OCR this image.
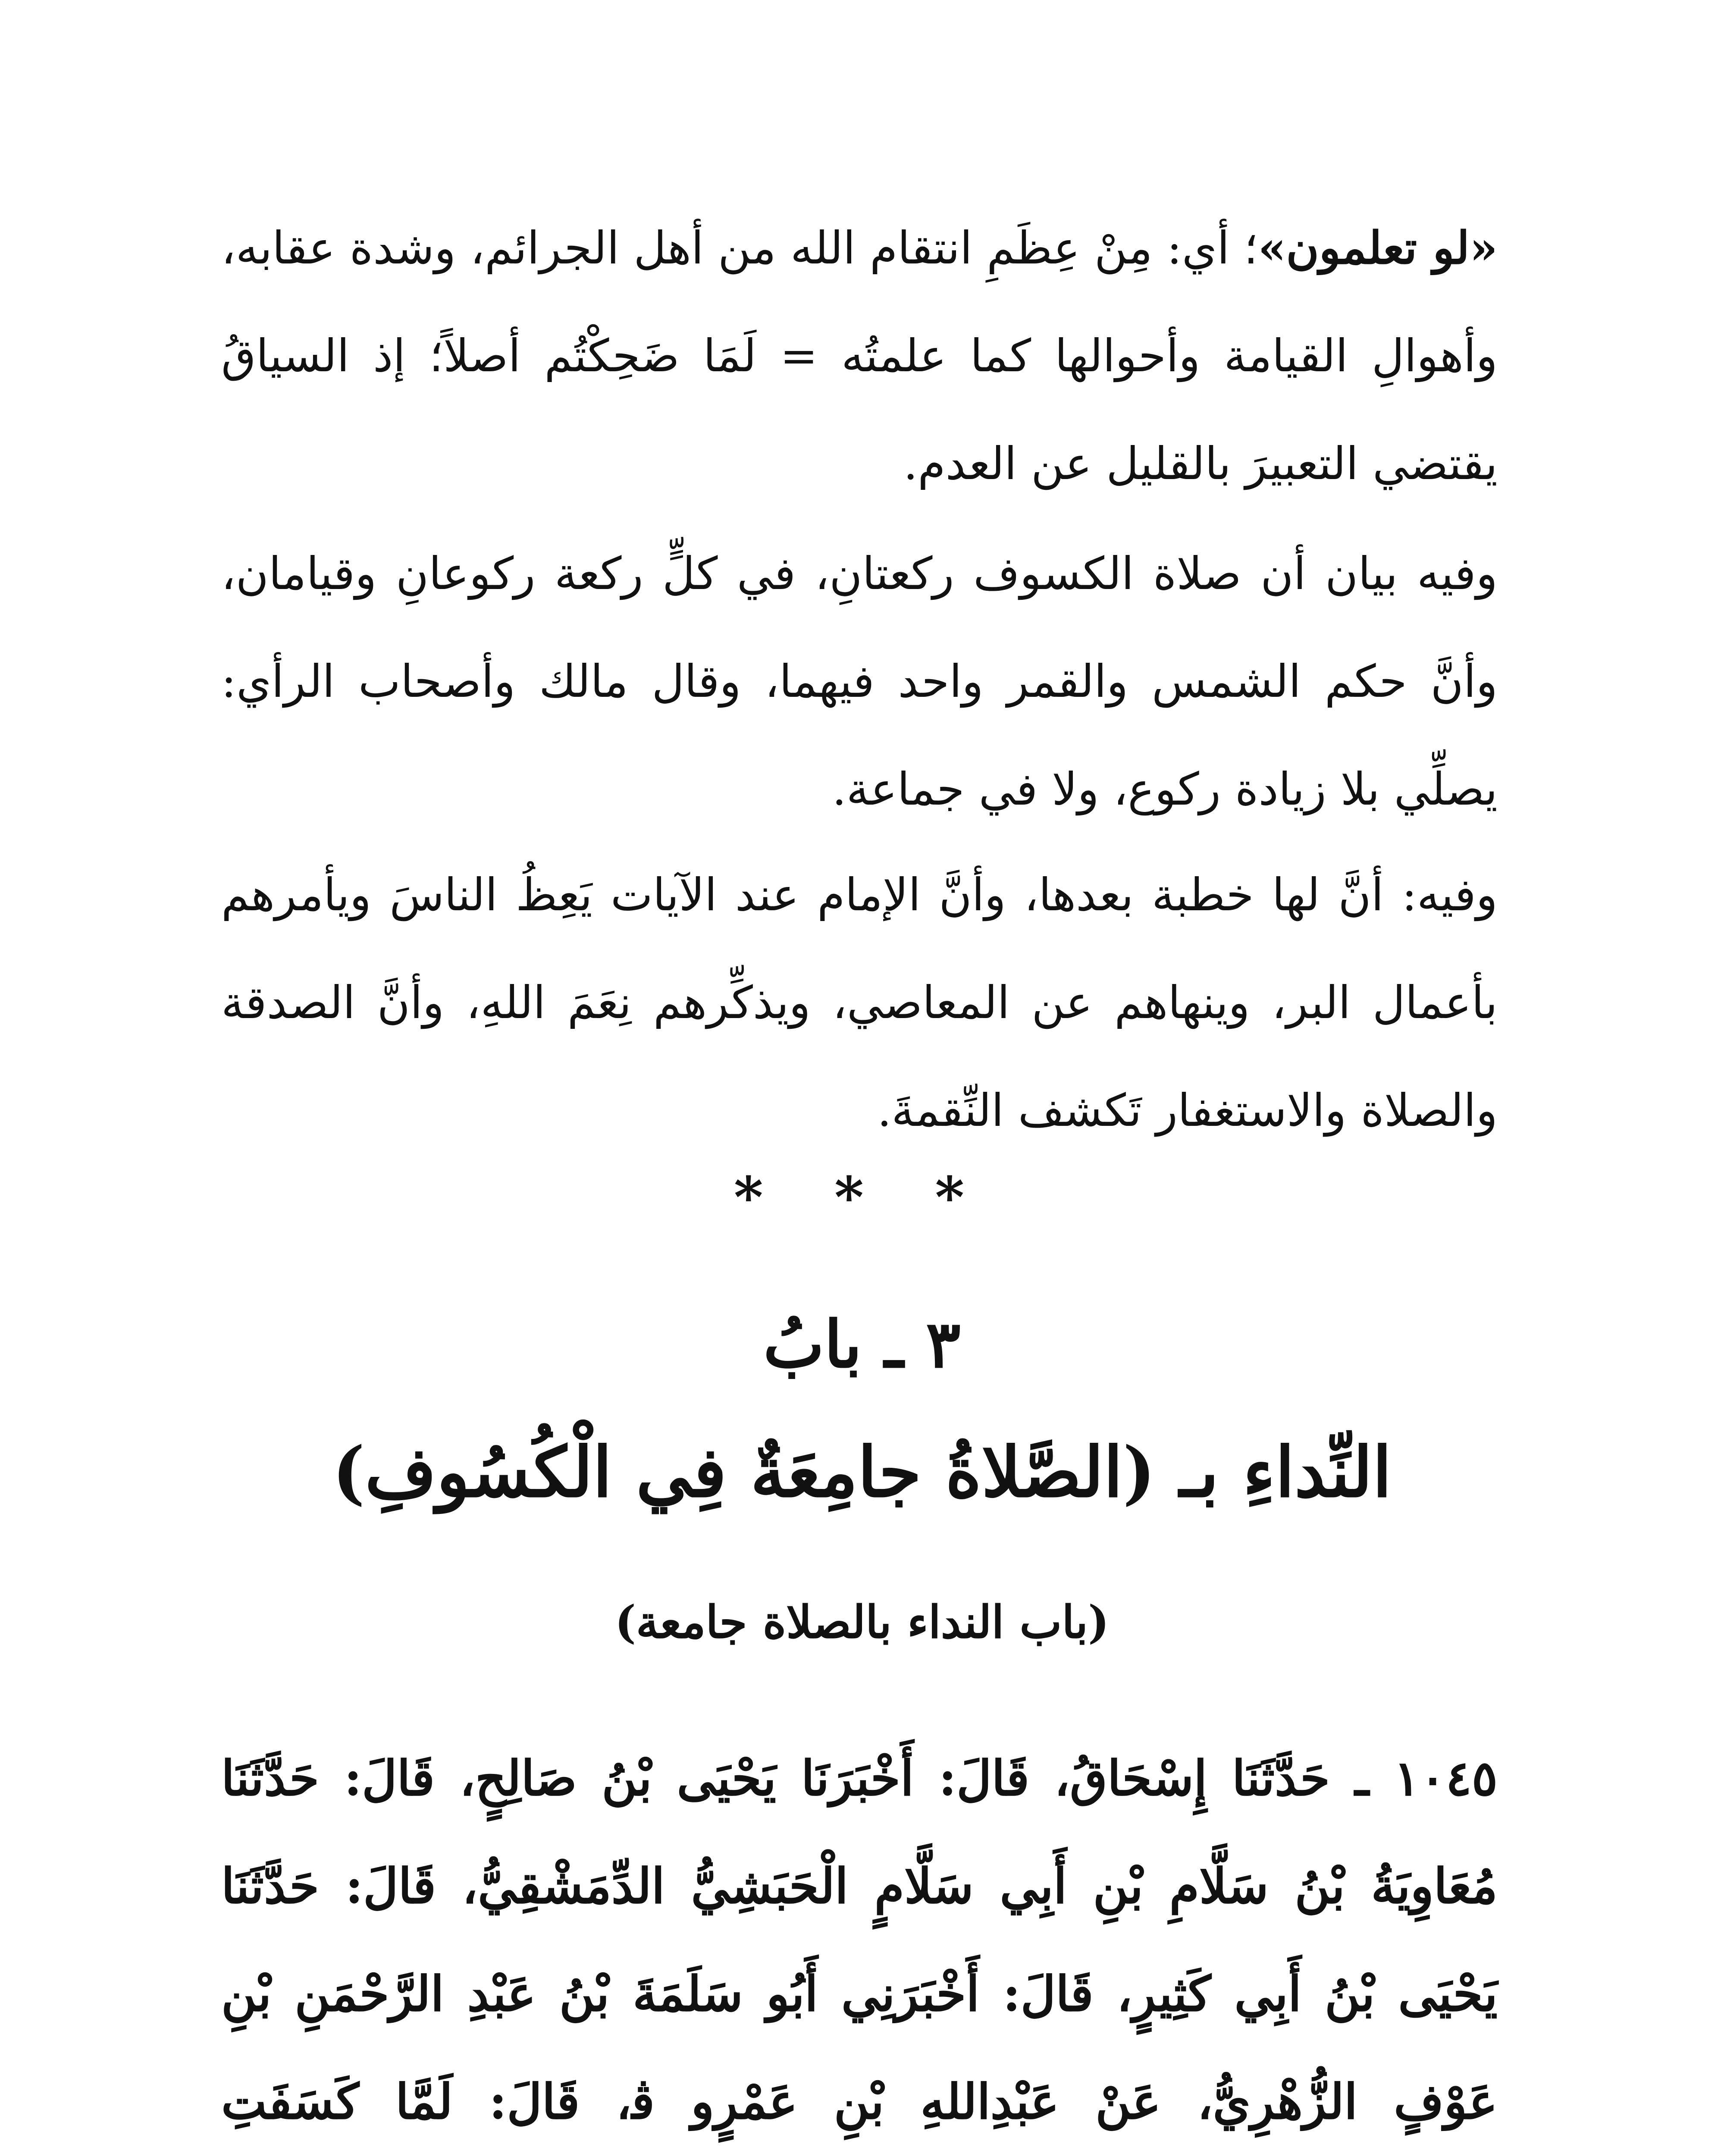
«لو تعلمون»؛ أي: مِنْ عِظَمِ انتقام الله من أهل الجرائم، وشدة عقابه، وأهوالِ القيامة وأحوالها كما علمتُه = لَمَا ضَحِكْتُم أصلاً؛ إذ السياقُ يقتضي التعبيرَ بالقليل عن العدم.

وفيه بيان أن صلاة الكسوف ركعتانِ، في كلٍّ ركعة ركوعانِ وقيامان، وأنَّ حكم الشمس والقمر واحد فيهما، وقال مالك وأصحاب الرأي: يصلِّي بلا زيادة ركوع، ولا في جماعة.

وفيه: أنَّ لها خطبة بعدها، وأنَّ الإمام عند الآيات يَعِظُ الناسَ ويأمرهم بأعمال البر، وينهاهم عن المعاصي، ويذكِّرهم نِعَمَ اللهِ، وأنَّ الصدقة والصلاة والاستغفار تَكشف النِّقمةَ.

* * *
٣ ـ بابُ
النِّداءِ بـ (الصَّلاةُ جامِعَةٌ فِي الْكُسُوفِ)
(باب النداء بالصلاة جامعة)

١٠٤٥ ـ حَدَّثَنَا إِسْحَاقُ، قَالَ: أَخْبَرَنَا يَحْيَى بْنُ صَالِحٍ، قَالَ: حَدَّثَنَا مُعَاوِيَةُ بْنُ سَلَّامِ بْنِ أَبِي سَلَّامٍ الْحَبَشِيُّ الدِّمَشْقِيُّ، قَالَ: حَدَّثَنَا يَحْيَى بْنُ أَبِي كَثِيرٍ، قَالَ: أَخْبَرَنِي أَبُو سَلَمَةَ بْنُ عَبْدِ الرَّحْمَنِ بْنِ عَوْفٍ الزُّهْرِيُّ، عَنْ عَبْدِاللهِ بْنِ عَمْرٍو ﭬ، قَالَ: لَمَّا كَسَفَتِ
